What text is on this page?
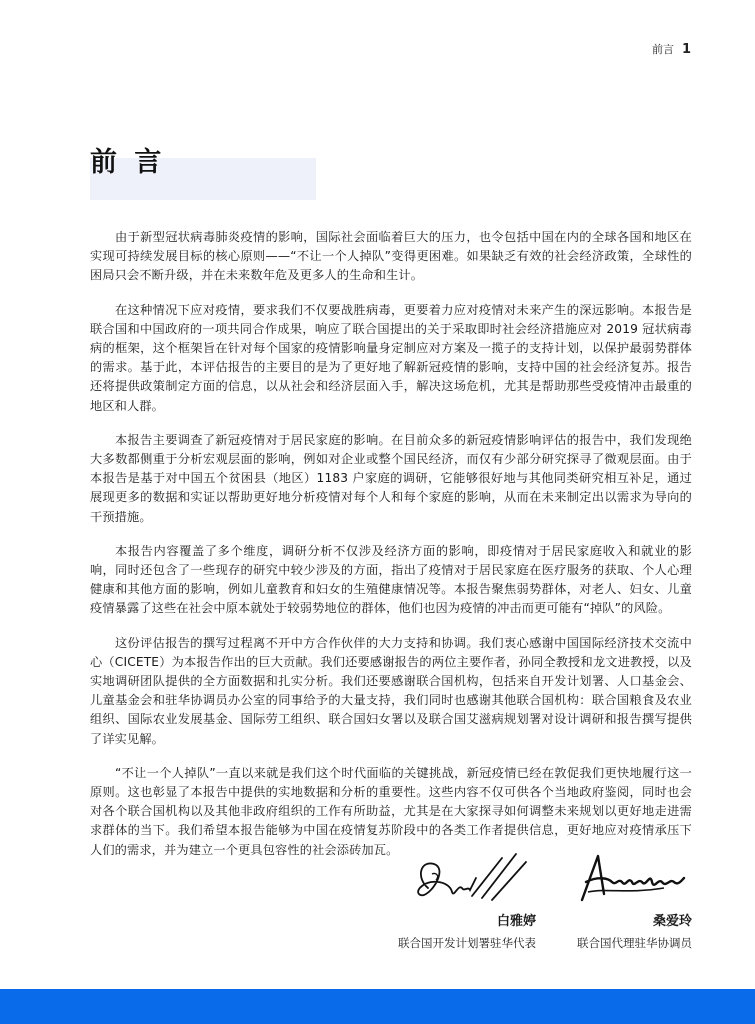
前言 1
前 言

由于新型冠状病毒肺炎疫情的影响，国际社会面临着巨大的压力，也令包括中国在内的全球各国和地区在实现可持续发展目标的核心原则——“不让一个人掉队”变得更困难。如果缺乏有效的社会经济政策，全球性的困局只会不断升级，并在未来数年危及更多人的生命和生计。

在这种情况下应对疫情，要求我们不仅要战胜病毒，更要着力应对疫情对未来产生的深远影响。本报告是联合国和中国政府的一项共同合作成果，响应了联合国提出的关于采取即时社会经济措施应对 2019 冠状病毒病的框架，这个框架旨在针对每个国家的疫情影响量身定制应对方案及一揽子的支持计划，以保护最弱势群体的需求。基于此，本评估报告的主要目的是为了更好地了解新冠疫情的影响，支持中国的社会经济复苏。报告还将提供政策制定方面的信息，以从社会和经济层面入手，解决这场危机，尤其是帮助那些受疫情冲击最重的地区和人群。

本报告主要调查了新冠疫情对于居民家庭的影响。在目前众多的新冠疫情影响评估的报告中，我们发现绝大多数都侧重于分析宏观层面的影响，例如对企业或整个国民经济，而仅有少部分研究探寻了微观层面。由于本报告是基于对中国五个贫困县（地区）1183 户家庭的调研，它能够很好地与其他同类研究相互补足，通过展现更多的数据和实证以帮助更好地分析疫情对每个人和每个家庭的影响，从而在未来制定出以需求为导向的干预措施。

本报告内容覆盖了多个维度，调研分析不仅涉及经济方面的影响，即疫情对于居民家庭收入和就业的影响，同时还包含了一些现存的研究中较少涉及的方面，指出了疫情对于居民家庭在医疗服务的获取、个人心理健康和其他方面的影响，例如儿童教育和妇女的生殖健康情况等。本报告聚焦弱势群体，对老人、妇女、儿童疫情暴露了这些在社会中原本就处于较弱势地位的群体，他们也因为疫情的冲击而更可能有“掉队”的风险。

这份评估报告的撰写过程离不开中方合作伙伴的大力支持和协调。我们衷心感谢中国国际经济技术交流中心（CICETE）为本报告作出的巨大贡献。我们还要感谢报告的两位主要作者，孙同全教授和龙文进教授，以及实地调研团队提供的全方面数据和扎实分析。我们还要感谢联合国机构，包括来自开发计划署、人口基金会、儿童基金会和驻华协调员办公室的同事给予的大量支持，我们同时也感谢其他联合国机构：联合国粮食及农业组织、国际农业发展基金、国际劳工组织、联合国妇女署以及联合国艾滋病规划署对设计调研和报告撰写提供了详实见解。

“不让一个人掉队”一直以来就是我们这个时代面临的关键挑战，新冠疫情已经在敦促我们更快地履行这一原则。这也彰显了本报告中提供的实地数据和分析的重要性。这些内容不仅可供各个当地政府鉴阅，同时也会对各个联合国机构以及其他非政府组织的工作有所助益，尤其是在大家探寻如何调整未来规划以更好地走进需求群体的当下。我们希望本报告能够为中国在疫情复苏阶段中的各类工作者提供信息，更好地应对疫情承压下人们的需求，并为建立一个更具包容性的社会添砖加瓦。

白雅婷
联合国开发计划署驻华代表
桑爱玲
联合国代理驻华协调员
